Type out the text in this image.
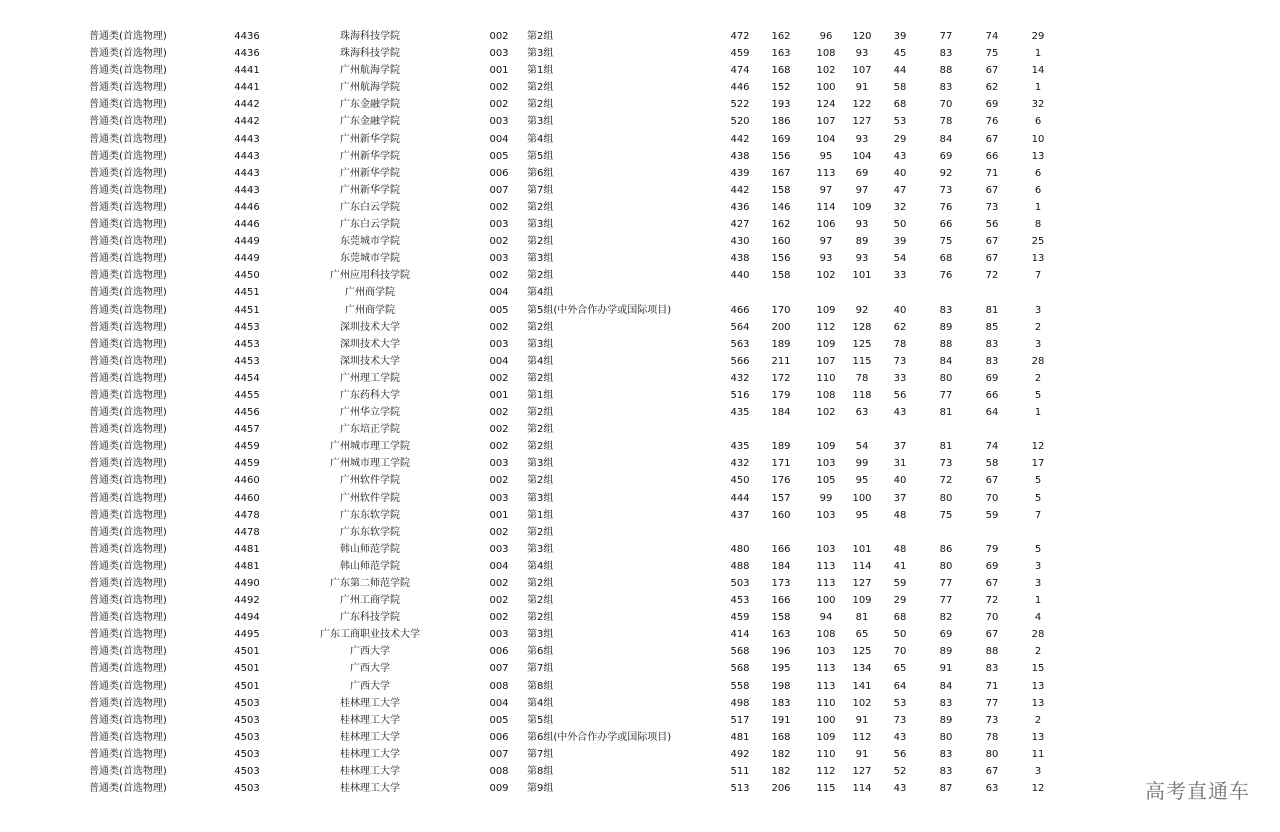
普通类(首选物理)	4436	珠海科技学院	002 第2组	472	162	96	120	39	77	74	29
普通类(首选物理)	4436	珠海科技学院	003 第3组	459	163	108	93	45	83	75	1
普通类(首选物理)	4441	广州航海学院	001 第1组	474	168	102	107	44	88	67	14
普通类(首选物理)	4441	广州航海学院	002 第2组	446	152	100	91	58	83	62	1
普通类(首选物理)	4442	广东金融学院	002 第2组	522	193	124	122	68	70	69	32
普通类(首选物理)	4442	广东金融学院	003 第3组	520	186	107	127	53	78	76	6
普通类(首选物理)	4443	广州新华学院	004 第4组	442	169	104	93	29	84	67	10
普通类(首选物理)	4443	广州新华学院	005 第5组	438	156	95	104	43	69	66	13
普通类(首选物理)	4443	广州新华学院	006 第6组	439	167	113	69	40	92	71	6
普通类(首选物理)	4443	广州新华学院	007 第7组	442	158	97	97	47	73	67	6
普通类(首选物理)	4446	广东白云学院	002 第2组	436	146	114	109	32	76	73	1
普通类(首选物理)	4446	广东白云学院	003 第3组	427	162	106	93	50	66	56	8
普通类(首选物理)	4449	东莞城市学院	002 第2组	430	160	97	89	39	75	67	25
普通类(首选物理)	4449	东莞城市学院	003 第3组	438	156	93	93	54	68	67	13
普通类(首选物理)	4450	广州应用科技学院	002 第2组	440	158	102	101	33	76	72	7
普通类(首选物理)	4451	广州商学院	004 第4组
普通类(首选物理)	4451	广州商学院	005 第5组(中外合作办学或国际项目)	466	170	109	92	40	83	81	3
普通类(首选物理)	4453	深圳技术大学	002 第2组	564	200	112	128	62	89	85	2
普通类(首选物理)	4453	深圳技术大学	003 第3组	563	189	109	125	78	88	83	3
普通类(首选物理)	4453	深圳技术大学	004 第4组	566	211	107	115	73	84	83	28
普通类(首选物理)	4454	广州理工学院	002 第2组	432	172	110	78	33	80	69	2
普通类(首选物理)	4455	广东药科大学	001 第1组	516	179	108	118	56	77	66	5
普通类(首选物理)	4456	广州华立学院	002 第2组	435	184	102	63	43	81	64	1
普通类(首选物理)	4457	广东培正学院	002 第2组
普通类(首选物理)	4459	广州城市理工学院	002 第2组	435	189	109	54	37	81	74	12
普通类(首选物理)	4459	广州城市理工学院	003 第3组	432	171	103	99	31	73	58	17
普通类(首选物理)	4460	广州软件学院	002 第2组	450	176	105	95	40	72	67	5
普通类(首选物理)	4460	广州软件学院	003 第3组	444	157	99	100	37	80	70	5
普通类(首选物理)	4478	广东东软学院	001 第1组	437	160	103	95	48	75	59	7
普通类(首选物理)	4478	广东东软学院	002 第2组
普通类(首选物理)	4481	韩山师范学院	003 第3组	480	166	103	101	48	86	79	5
普通类(首选物理)	4481	韩山师范学院	004 第4组	488	184	113	114	41	80	69	3
普通类(首选物理)	4490	广东第二师范学院	002 第2组	503	173	113	127	59	77	67	3
普通类(首选物理)	4492	广州工商学院	002 第2组	453	166	100	109	29	77	72	1
普通类(首选物理)	4494	广东科技学院	002 第2组	459	158	94	81	68	82	70	4
普通类(首选物理)	4495	广东工商职业技术大学	003 第3组	414	163	108	65	50	69	67	28
普通类(首选物理)	4501	广西大学	006 第6组	568	196	103	125	70	89	88	2
普通类(首选物理)	4501	广西大学	007 第7组	568	195	113	134	65	91	83	15
普通类(首选物理)	4501	广西大学	008 第8组	558	198	113	141	64	84	71	13
普通类(首选物理)	4503	桂林理工大学	004 第4组	498	183	110	102	53	83	77	13
普通类(首选物理)	4503	桂林理工大学	005 第5组	517	191	100	91	73	89	73	2
普通类(首选物理)	4503	桂林理工大学	006 第6组(中外合作办学或国际项目)	481	168	109	112	43	80	78	13
普通类(首选物理)	4503	桂林理工大学	007 第7组	492	182	110	91	56	83	80	11
普通类(首选物理)	4503	桂林理工大学	008 第8组	511	182	112	127	52	83	67	3
普通类(首选物理)	4503	桂林理工大学	009 第9组	513	206	115	114	43	87	63	12	高考直通车
